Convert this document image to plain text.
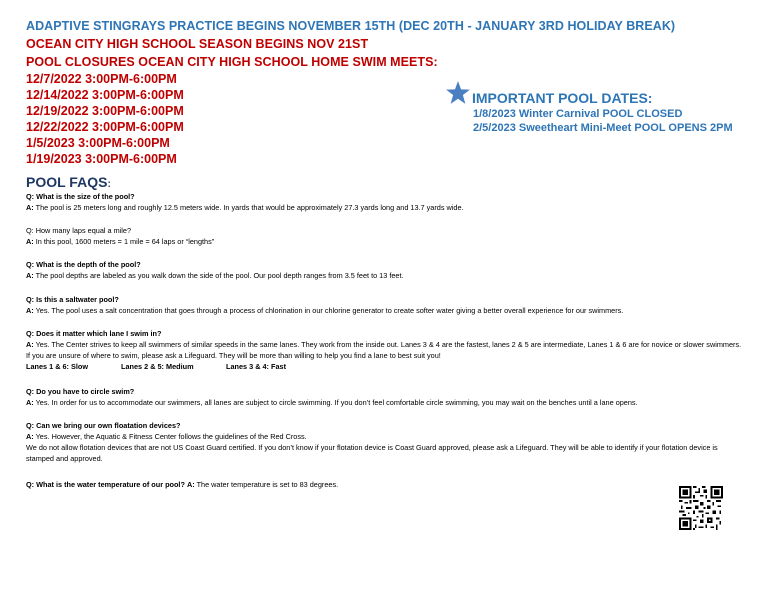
ADAPTIVE STINGRAYS PRACTICE BEGINS NOVEMBER 15TH (DEC 20TH - JANUARY 3RD HOLIDAY BREAK)
OCEAN CITY HIGH SCHOOL SEASON BEGINS NOV 21ST
POOL CLOSURES OCEAN CITY HIGH SCHOOL HOME SWIM MEETS:
12/7/2022 3:00PM-6:00PM
12/14/2022 3:00PM-6:00PM
12/19/2022 3:00PM-6:00PM
12/22/2022 3:00PM-6:00PM
1/5/2023 3:00PM-6:00PM
1/19/2023 3:00PM-6:00PM
IMPORTANT POOL DATES:
1/8/2023 Winter Carnival POOL CLOSED
2/5/2023 Sweetheart Mini-Meet POOL OPENS 2PM
POOL FAQS:
Q: What is the size of the pool?
A: The pool is 25 meters long and roughly 12.5 meters wide. In yards that would be approximately 27.3 yards long and 13.7 yards wide.
Q: How many laps equal a mile?
A: In this pool, 1600 meters = 1 mile = 64 laps or “lengths”
Q: What is the depth of the pool?
A: The pool depths are labeled as you walk down the side of the pool. Our pool depth ranges from 3.5 feet to 13 feet.
Q: Is this a saltwater pool?
A: Yes. The pool uses a salt concentration that goes through a process of chlorination in our chlorine generator to create softer water giving a better overall experience for our swimmers.
Q: Does it matter which lane I swim in?
A: Yes. The Center strives to keep all swimmers of similar speeds in the same lanes. They work from the inside out. Lanes 3 & 4 are the fastest, lanes 2 & 5 are intermediate, Lanes 1 & 6 are for novice or slower swimmers. If you are unsure of where to swim, please ask a Lifeguard. They will be more than willing to help you find a lane to best suit you!
Lanes 1 & 6: Slow	Lanes 2 & 5: Medium	Lanes 3 & 4: Fast
Q: Do you have to circle swim?
A: Yes. In order for us to accommodate our swimmers, all lanes are subject to circle swimming. If you don’t feel comfortable circle swimming, you may wait on the benches until a lane opens.
Q: Can we bring our own floatation devices?
A: Yes. However, the Aquatic & Fitness Center follows the guidelines of the Red Cross.
We do not allow flotation devices that are not US Coast Guard certified. If you don’t know if your flotation device is Coast Guard approved, please ask a Lifeguard. They will be able to identify if your flotation device is stamped and approved.
Q: What is the water temperature of our pool? A: The water temperature is set to 83 degrees.
